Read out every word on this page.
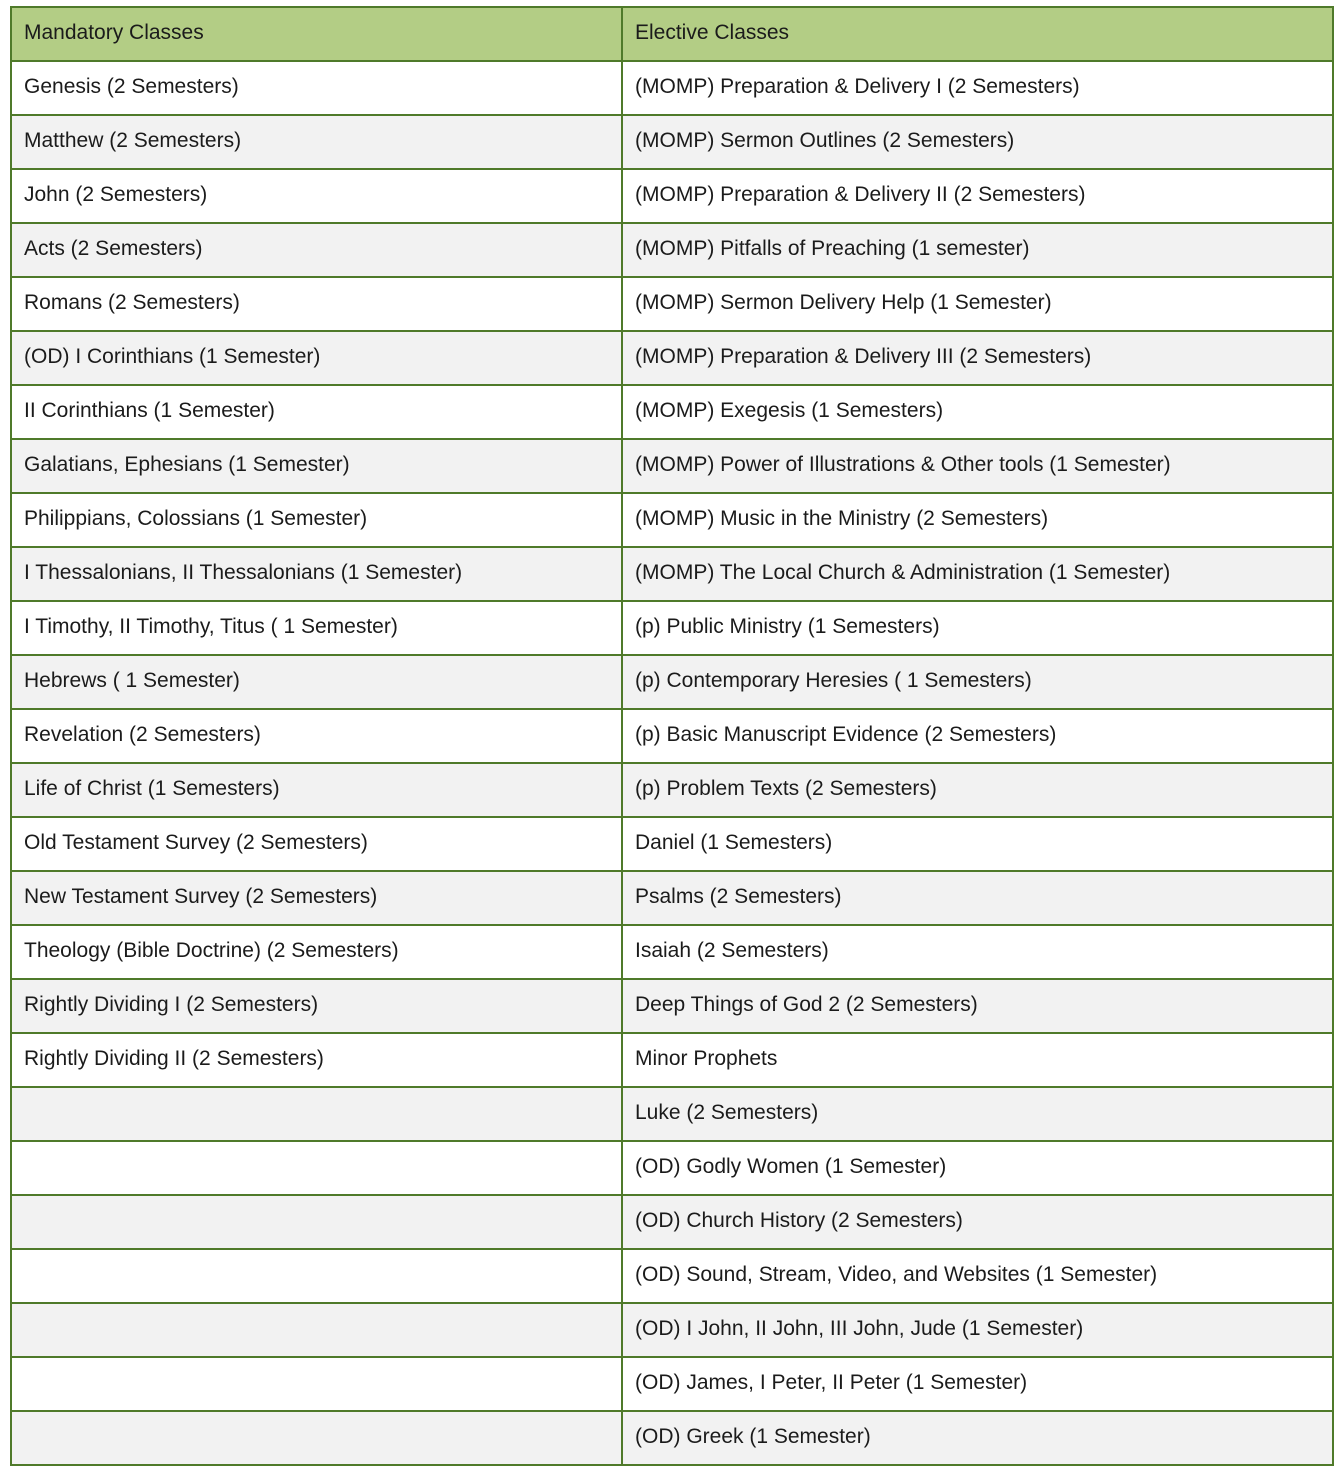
Mandatory Classes	Elective Classes
Genesis (2 Semesters)	(MOMP) Preparation & Delivery I (2 Semesters)
Matthew (2 Semesters)	(MOMP) Sermon Outlines (2 Semesters)
John (2 Semesters)	(MOMP) Preparation & Delivery II (2 Semesters)
Acts (2 Semesters)	(MOMP) Pitfalls of Preaching (1 semester)
Romans (2 Semesters)	(MOMP) Sermon Delivery Help (1 Semester)
(OD) I Corinthians (1 Semester)	(MOMP) Preparation & Delivery III (2 Semesters)
II Corinthians (1 Semester)	(MOMP) Exegesis (1 Semesters)
Galatians, Ephesians (1 Semester)	(MOMP) Power of Illustrations & Other tools (1 Semester)
Philippians, Colossians (1 Semester)	(MOMP) Music in the Ministry (2 Semesters)
I Thessalonians, II Thessalonians (1 Semester)	(MOMP) The Local Church & Administration (1 Semester)
I Timothy, II Timothy, Titus ( 1 Semester)	(p) Public Ministry (1 Semesters)
Hebrews ( 1 Semester)	(p) Contemporary Heresies ( 1 Semesters)
Revelation (2 Semesters)	(p) Basic Manuscript Evidence (2 Semesters)
Life of Christ (1 Semesters)	(p) Problem Texts (2 Semesters)
Old Testament Survey (2 Semesters)	Daniel (1 Semesters)
New Testament Survey (2 Semesters)	Psalms (2 Semesters)
Theology (Bible Doctrine) (2 Semesters)	Isaiah (2 Semesters)
Rightly Dividing I (2 Semesters)	Deep Things of God 2 (2 Semesters)
Rightly Dividing II (2 Semesters)	Minor Prophets
	Luke (2 Semesters)
	(OD) Godly Women (1 Semester)
	(OD) Church History (2 Semesters)
	(OD) Sound, Stream, Video, and Websites (1 Semester)
	(OD) I John, II John, III John, Jude (1 Semester)
	(OD) James, I Peter, II Peter (1 Semester)
	(OD) Greek (1 Semester)
